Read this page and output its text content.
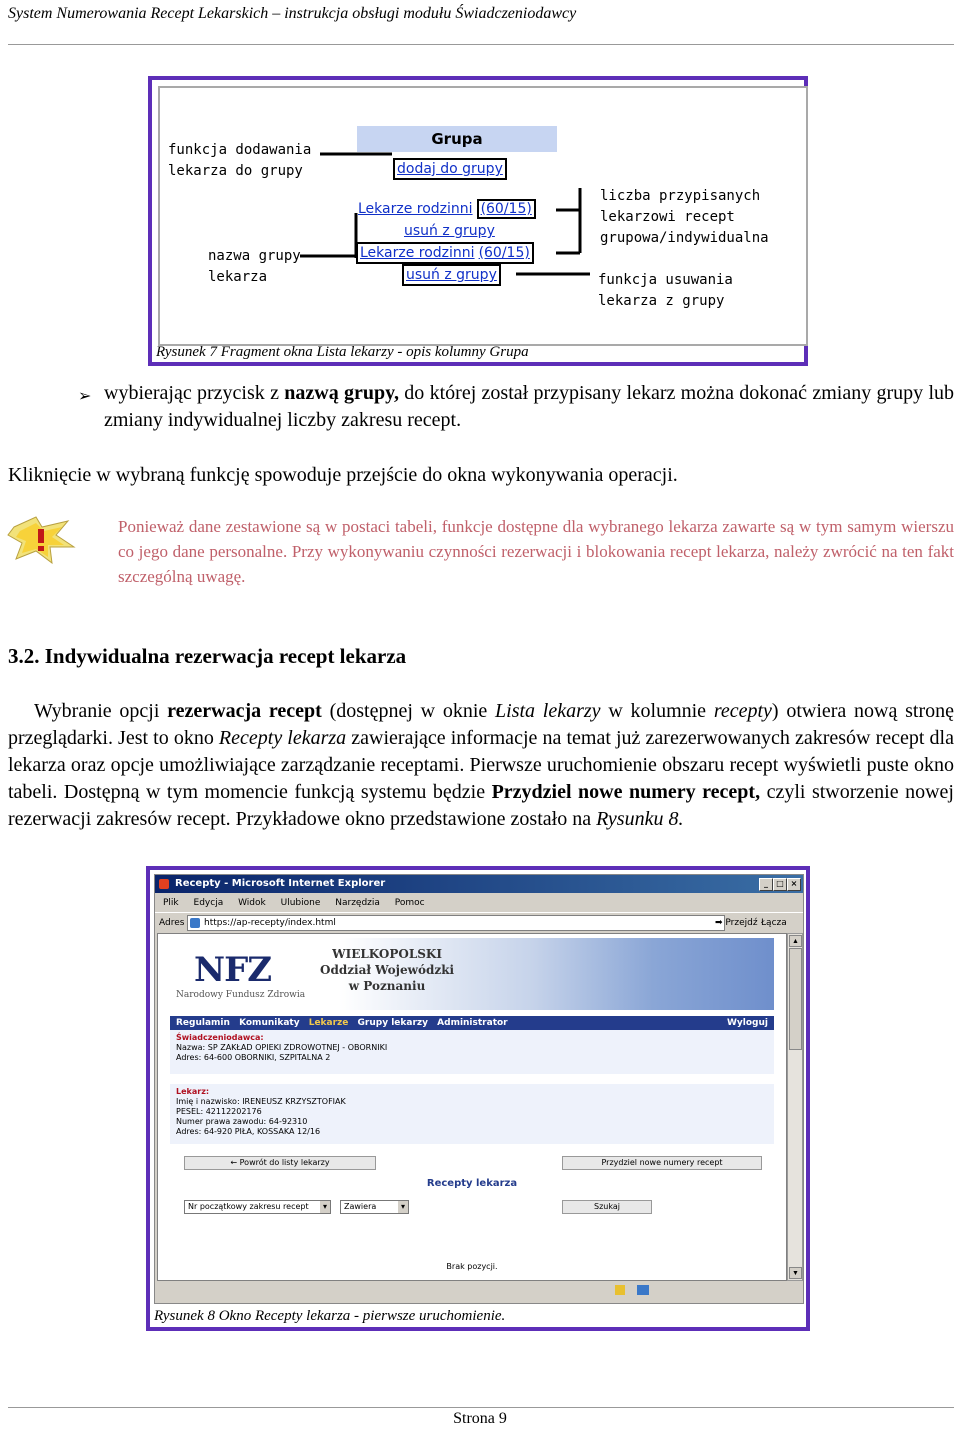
System Numerowania Recept Lekarskich – instrukcja obsługi modułu Świadczeniodawcy
funkcja dodawania
lekarza do grupy
nazwa grupy
lekarza
liczba przypisanych
lekarzowi recept
grupowa/indywidualna
funkcja usuwania
lekarza z grupy
Grupa
dodaj do grupy
Lekarze rodzinni (60/15)
usuń z grupy
Lekarze rodzinni (60/15)
usuń z grupy
Rysunek 7 Fragment okna Lista lekarzy - opis kolumny Grupa
➢ wybierając przycisk z nazwą grupy, do której został przypisany lekarz można dokonać zmiany grupy lub zmiany indywidualnej liczby zakresu recept.
Kliknięcie w wybraną funkcję spowoduje przejście do okna wykonywania operacji.
Ponieważ dane zestawione są w postaci tabeli, funkcje dostępne dla wybranego lekarza zawarte są w tym samym wierszu co jego dane personalne. Przy wykonywaniu czynności rezerwacji i blokowania recept lekarza, należy zwrócić na ten fakt szczególną uwagę.
3.2. Indywidualna rezerwacja recept lekarza
Wybranie opcji rezerwacja recept (dostępnej w oknie Lista lekarzy w kolumnie recepty) otwiera nową stronę przeglądarki. Jest to okno Recepty lekarza zawierające informacje na temat już zarezerwowanych zakresów recept dla lekarza oraz opcje umożliwiające zarządzanie receptami. Pierwsze uruchomienie obszaru recept wyświetli puste okno tabeli. Dostępną w tym momencie funkcją systemu będzie Przydziel nowe numery recept, czyli stworzenie nowej rezerwacji zakresów recept. Przykładowe okno przedstawione zostało na Rysunku 8.
Recepty - Microsoft Internet Explorer	_	□ ×
Plik Edycja Widok Ulubione Narzędzia Pomoc
Adres	https://ap-recepty/index.html	➡ Przejdź Łącza
NFZ
Narodowy Fundusz Zdrowia
WIELKOPOLSKI
Oddział Wojewódzki
w Poznaniu
Regulamin Komunikaty Lekarze Grupy lekarzy Administrator	Wyloguj
Świadczeniodawca:
Nazwa: SP ZAKŁAD OPIEKI ZDROWOTNEJ - OBORNIKI
Adres: 64-600 OBORNIKI, SZPITALNA 2
Lekarz:
Imię i nazwisko: IRENEUSZ KRZYSZTOFIAK
PESEL: 42112202176
Numer prawa zawodu: 64-92310
Adres: 64-920 PIŁA, KOSSAKA 12/16
← Powrót do listy lekarzy	Przydziel nowe numery recept
Recepty lekarza
Nr początkowy zakresu recept ▾	Zawiera ▾	Szukaj
Brak pozycji.
▲
▼
Rysunek 8 Okno Recepty lekarza - pierwsze uruchomienie.
Strona 9
